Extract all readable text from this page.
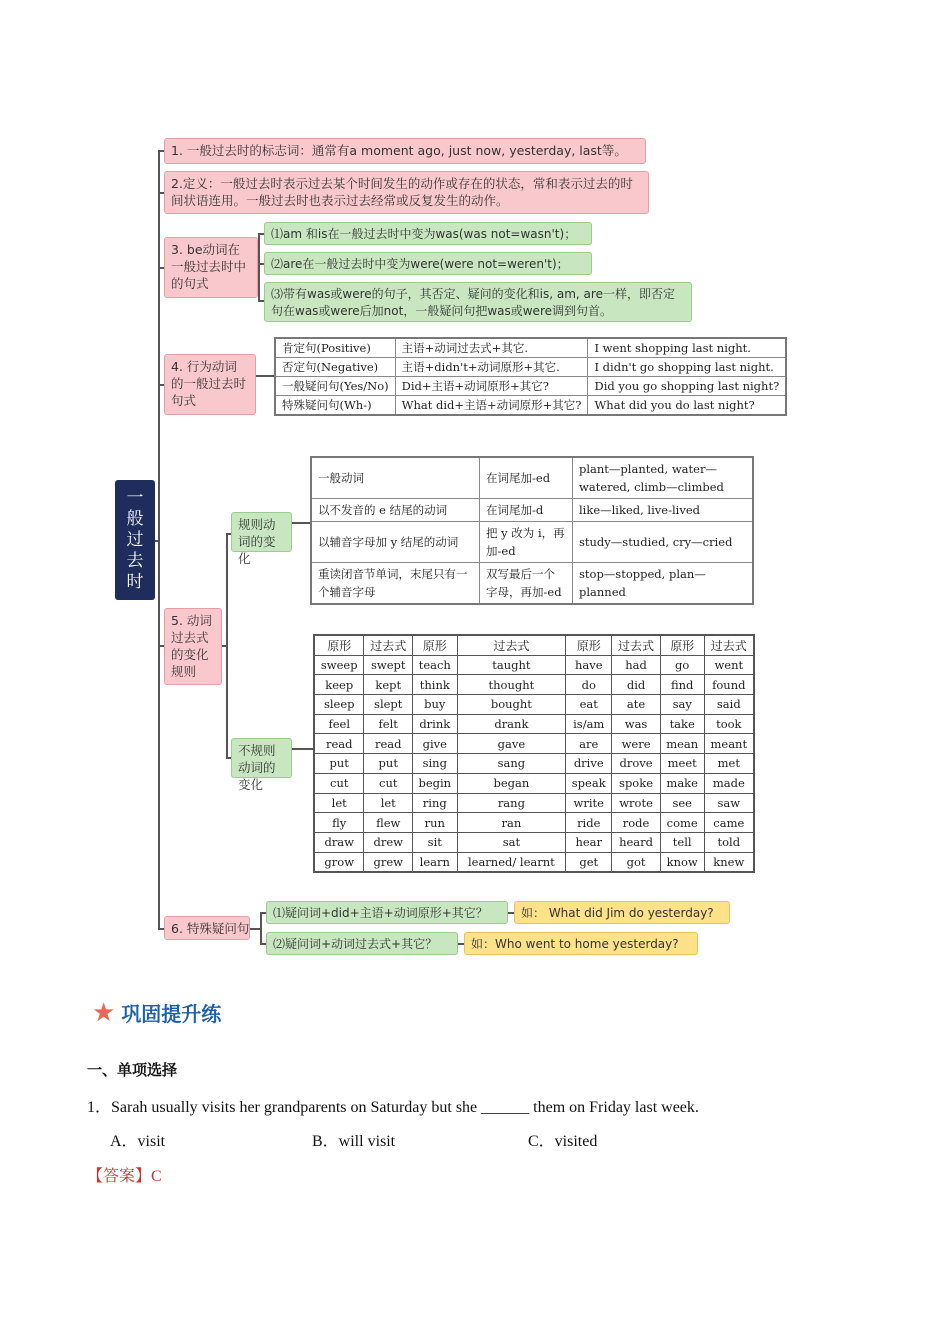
一
般
过
去
时
1. 一般过去时的标志词：通常有a moment ago, just now, yesterday, last等。
2.定义：一般过去时表示过去某个时间发生的动作或存在的状态，常和表示过去的时间状语连用。一般过去时也表示过去经常或反复发生的动作。
3. be动词在一般过去时中的句式
⑴am 和is在一般过去时中变为was(was not=wasn't)；
⑵are在一般过去时中变为were(were not=weren't)；
⑶带有was或were的句子，其否定、疑问的变化和is, am, are一样，即否定句在was或were后加not，一般疑问句把was或were调到句首。
4. 行为动词的一般过去时句式
5. 动词过去式的变化规则
规则动词的变化
不规则动词的变化
6. 特殊疑问句
⑴疑问词+did+主语+动词原形+其它？	如： What did Jim do yesterday?
⑵疑问词+动词过去式+其它？	如：Who went to home yesterday?
肯定句(Positive)	主语+动词过去式+其它.	I went shopping last night.
否定句(Negative)	主语+didn't+动词原形+其它.	I didn't go shopping last night.
一般疑问句(Yes/No)	Did+主语+动词原形+其它?	Did you go shopping last night?
特殊疑问句(Wh-)	What did+主语+动词原形+其它?	What did you do last night?
一般动词	在词尾加-ed	plant—planted, water—watered, climb—climbed
以不发音的 e 结尾的动词	在词尾加-d	like—liked, live-lived
以辅音字母加 y 结尾的动词	把 y 改为 i，再加-ed	study—studied, cry—cried
重读闭音节单词，末尾只有一个辅音字母	双写最后一个字母，再加-ed	stop—stopped, plan—planned
原形	过去式	原形	过去式	原形	过去式	原形	过去式
sweep	swept	teach	taught	have	had	go	went
keep	kept	think	thought	do	did	find	found
sleep	slept	buy	bought	eat	ate	say	said
feel	felt	drink	drank	is/am	was	take	took
read	read	give	gave	are	were	mean	meant
put	put	sing	sang	drive	drove	meet	met
cut	cut	begin	began	speak	spoke	make	made
let	let	ring	rang	write	wrote	see	saw
fly	flew	run	ran	ride	rode	come	came
draw	drew	sit	sat	hear	heard	tell	told
grow	grew	learn	learned/ learnt	get	got	know	knew
★ 巩固提升练
一、单项选择
1．Sarah usually visits her grandparents on Saturday but she ______ them on Friday last week.
A．visit	B．will visit	C．visited
【答案】C
